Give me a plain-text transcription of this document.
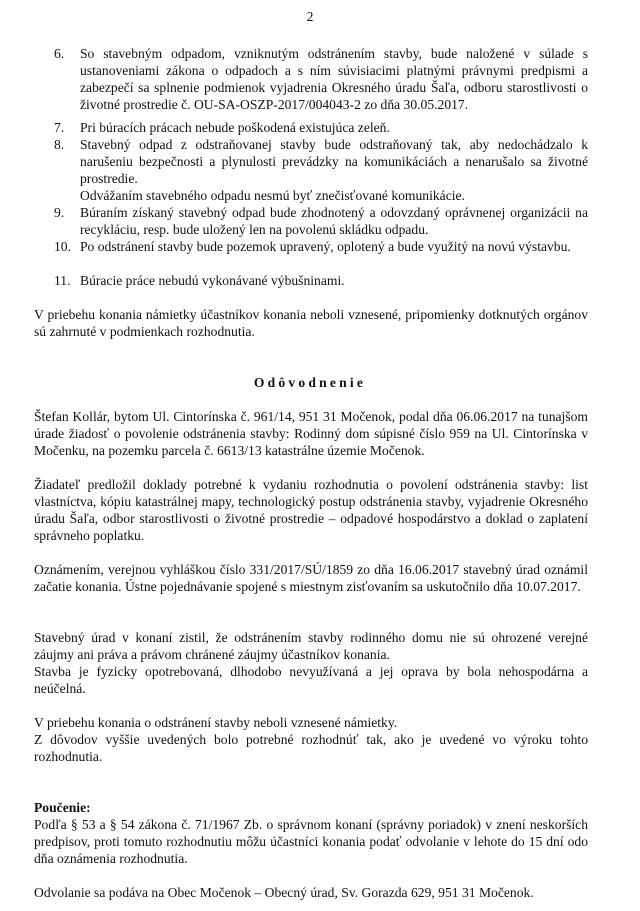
2
6.	So stavebným odpadom, vzniknutým odstránením stavby, bude naložené v súlade s ustanoveniami zákona o odpadoch a s ním súvisiacimi platnými právnymi predpismi a zabezpečí sa splnenie podmienok vyjadrenia Okresného úradu Šaľa, odboru starostlivosti o životné prostredie č. OU-SA-OSZP-2017/004043-2 zo dňa 30.05.2017.
7.	Pri búracích prácach nebude poškodená existujúca zeleň.
8.	Stavebný odpad z odstraňovanej stavby bude odstraňovaný tak, aby nedochádzalo k narušeniu bezpečnosti a plynulosti prevádzky na komunikáciách a nenarušalo sa životné prostredie.
Odvážaním stavebného odpadu nesmú byť znečisťované komunikácie.
9.	Búraním získaný stavebný odpad bude zhodnotený a odovzdaný oprávnenej organizácii na recykláciu, resp. bude uložený len na povolenú skládku odpadu.
10. Po odstránení stavby bude pozemok upravený, oplotený a bude využitý na novú výstavbu.
11. Búracie práce nebudú vykonávané výbušninami.
V priebehu konania námietky účastníkov konania neboli vznesené, pripomienky dotknutých orgánov sú zahrnuté v podmienkach rozhodnutia.
Odôvodnenie
Štefan Kollár, bytom Ul. Cintorínska č. 961/14, 951 31 Močenok, podal dňa 06.06.2017 na tunajšom úrade žiadosť o povolenie odstránenia stavby: Rodinný dom súpisné číslo 959 na Ul. Cintorínska v Močenku, na pozemku parcela č. 6613/13 katastrálne územie Močenok.
Žiadateľ predložil doklady potrebné k vydaniu rozhodnutia o povolení odstránenia stavby: list vlastníctva, kópiu katastrálnej mapy, technologický postup odstránenia stavby, vyjadrenie Okresného úradu Šaľa, odbor starostlivosti o životné prostredie – odpadové hospodárstvo a doklad o zaplatení správneho poplatku.
Oznámením, verejnou vyhláškou číslo 331/2017/SÚ/1859 zo dňa 16.06.2017 stavebný úrad oznámil začatie konania. Ústne pojednávanie spojené s miestnym zisťovaním sa uskutočnilo dňa 10.07.2017.

Stavebný úrad v konaní zistil, že odstránením stavby rodinného domu nie sú ohrozené verejné záujmy ani práva a právom chránené záujmy účastníkov konania.

Stavba je fyzicky opotrebovaná, dlhodobo nevyužívaná a jej oprava by bola nehospodárna a neúčelná.

V priebehu konania o odstránení stavby neboli vznesené námietky.

Z dôvodov vyššie uvedených bolo potrebné rozhodnúť tak, ako je uvedené vo výroku tohto rozhodnutia.

Poučenie:

Podľa § 53 a § 54 zákona č. 71/1967 Zb. o správnom konaní (správny poriadok) v znení neskorších predpisov, proti tomuto rozhodnutiu môžu účastníci konania podať odvolanie v lehote do 15 dní odo dňa oznámenia rozhodnutia.

Odvolanie sa podáva na Obec Močenok – Obecný úrad, Sv. Gorazda 629, 951 31 Močenok.
